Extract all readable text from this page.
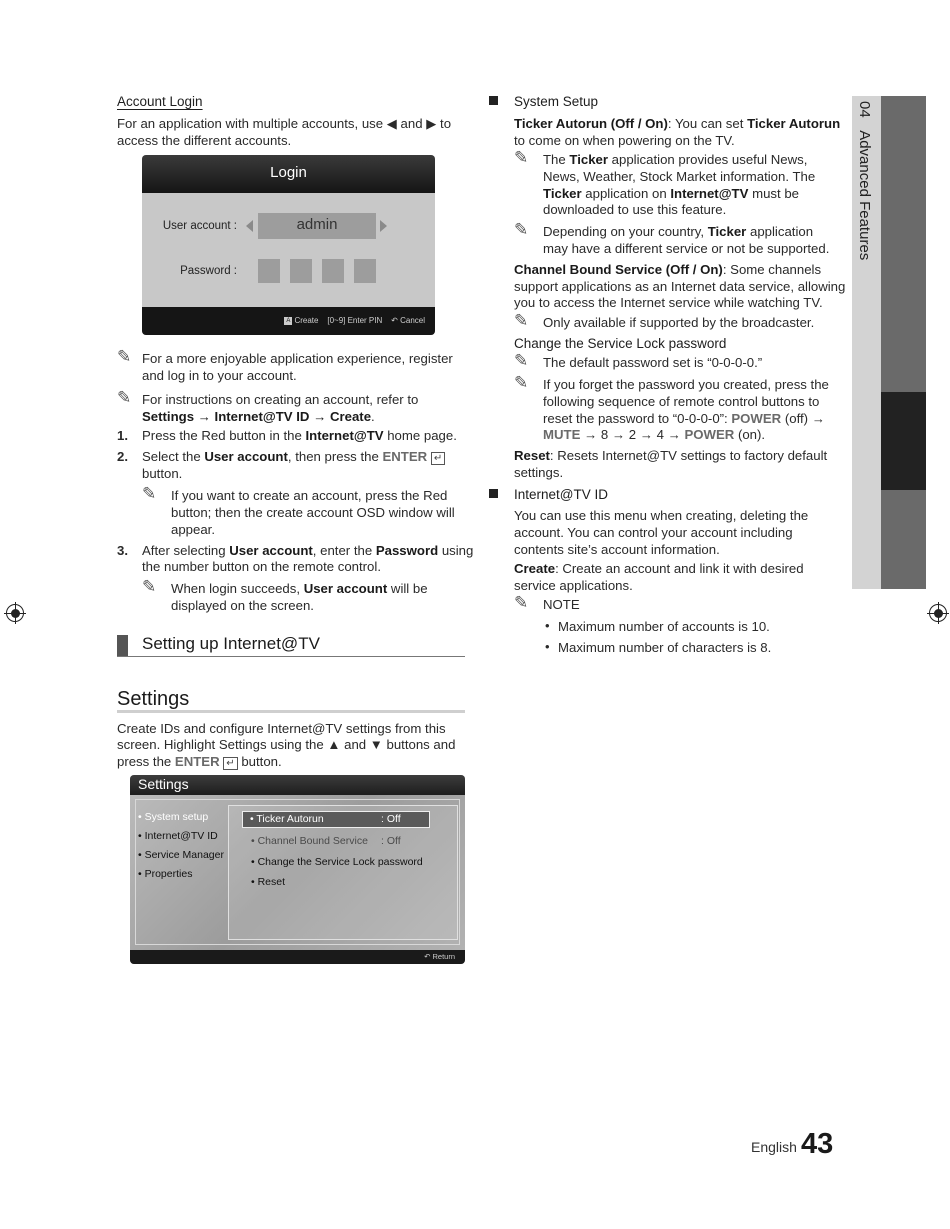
Account Login
For an application with multiple accounts, use ◀ and ▶ to
access the different accounts.
Login
User account :	admin
Password :
A Create [0~9] Enter PIN ↶ Cancel
✎ For a more enjoyable application experience, register
and log in to your account.
✎ For instructions on creating an account, refer to
Settings → Internet@TV ID → Create.
1. Press the Red button in the Internet@TV home page.
2. Select the User account, then press the ENTER ↵
button.
✎ If you want to create an account, press the Red
button; then the create account OSD window will
appear.
3. After selecting User account, enter the Password using
the number button on the remote control.
✎ When login succeeds, User account will be
displayed on the screen.
Setting up Internet@TV
Settings
Create IDs and configure Internet@TV settings from this
screen. Highlight Settings using the ▲ and ▼ buttons and
press the ENTER ↵ button.
Settings
• System setup
• Internet@TV ID
• Service Manager
• Properties
• Ticker Autorun	: Off
• Channel Bound Service : Off
• Change the Service Lock password
• Reset
↶ Return
System Setup
Ticker Autorun (Off / On): You can set Ticker Autorun
to come on when powering on the TV.
✎ The Ticker application provides useful News,
News, Weather, Stock Market information. The
Ticker application on Internet@TV must be
downloaded to use this feature.
✎ Depending on your country, Ticker application
may have a different service or not be supported.
Channel Bound Service (Off / On): Some channels
support applications as an Internet data service, allowing
you to access the Internet service while watching TV.
✎ Only available if supported by the broadcaster.
Change the Service Lock password
✎ The default password set is “0-0-0-0.”
✎ If you forget the password you created, press the
following sequence of remote control buttons to
reset the password to “0-0-0-0”: POWER (off) →
MUTE → 8 → 2 → 4 → POWER (on).
Reset: Resets Internet@TV settings to factory default
settings.
Internet@TV ID
You can use this menu when creating, deleting the
account. You can control your account including
contents site’s account information.
Create: Create an account and link it with desired
service applications.
✎ NOTE
• Maximum number of accounts is 10.
• Maximum number of characters is 8.
04   Advanced Features
English 43
